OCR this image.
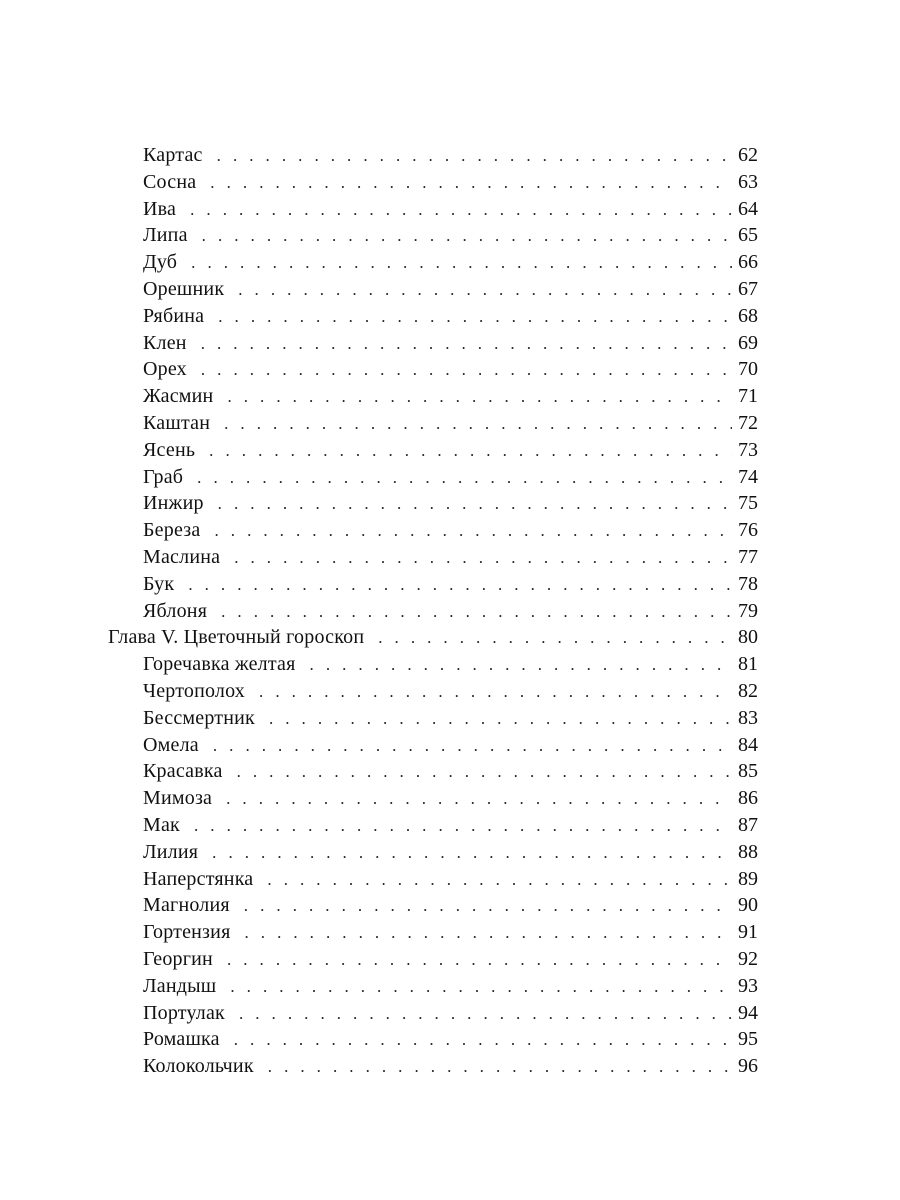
Картас . . .	62
Сосна . . .	63
Ива . . .	64
Липа . . .	65
Дуб . . .	66
Орешник . . .	67
Рябина . . .	68
Клен . . .	69
Орех . . .	70
Жасмин . . .	71
Каштан . . .	72
Ясень . . .	73
Граб . . .	74
Инжир . . .	75
Береза . . .	76
Маслина . . .	77
Бук . . .	78
Яблоня . . .	79
Глава V. Цветочный гороскоп . . .	80
Горечавка желтая . . .	81
Чертополох . . .	82
Бессмертник . . .	83
Омела . . .	84
Красавка . . .	85
Мимоза . . .	86
Мак . . .	87
Лилия . . .	88
Наперстянка . . .	89
Магнолия . . .	90
Гортензия . . .	91
Георгин . . .	92
Ландыш . . .	93
Портулак . . .	94
Ромашка . . .	95
Колокольчик . . .	96
